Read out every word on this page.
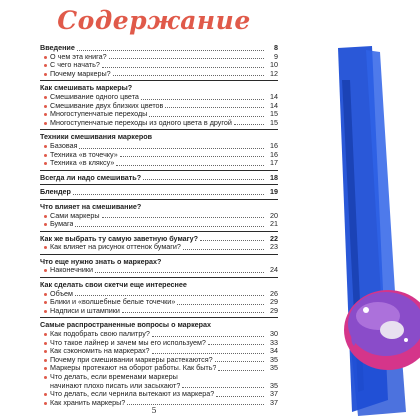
Содержание
Введение	8
О чем эта книга?	9
С чего начать?	10
Почему маркеры?	12
Как смешивать маркеры?
Смешивание одного цвета	14
Смешивание двух близких цветов	14
Многоступенчатые переходы	15
Многоступенчатые переходы из одного цвета в другой	15
Техники смешивания маркеров
Базовая	16
Техника «в точечку»	16
Техника «в кляксу»	17
Всегда ли надо смешивать?	18
Блендер	19
Что влияет на смешивание?
Сами маркеры	20
Бумага	21
Как же выбрать ту самую заветную бумагу?	22
Как влияет на рисунок оттенок бумаги?	23
Что еще нужно знать о маркерах?
Наконечники	24
Как сделать свои скетчи еще интереснее
Объем	26
Блики и «волшебные белые точечки»	29
Надписи и штампики	29
Самые распространенные вопросы о маркерах
Как подобрать свою палитру?	30
Что такое лайнер и зачем мы его используем?	33
Как сэкономить на маркерах?	34
Почему при смешивании маркеры растекаются?	35
Маркеры протекают на оборот работы. Как быть?	35
Что делать, если временами маркеры
начинают плохо писать или засыхают?	35
Что делать, если чернила вытекают из маркера?	37
Как хранить маркеры?	37
5
